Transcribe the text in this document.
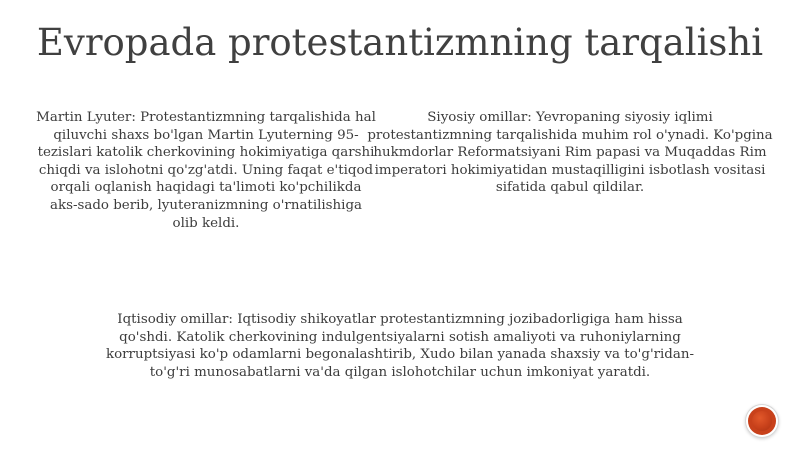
Evropada protestantizmning tarqalishi
Martin Lyuter: Protestantizmning tarqalishida hal qiluvchi shaxs bo'lgan Martin Lyuterning 95-tezislari katolik cherkovining hokimiyatiga qarshi chiqdi va islohotni qo'zg'atdi. Uning faqat e'tiqod orqali oqlanish haqidagi ta'limoti ko'pchilikda aks-sado berib, lyuteranizmning o'rnatilishiga olib keldi.
Siyosiy omillar: Yevropaning siyosiy iqlimi protestantizmning tarqalishida muhim rol o'ynadi. Ko'pgina hukmdorlar Reformatsiyani Rim papasi va Muqaddas Rim imperatori hokimiyatidan mustaqilligini isbotlash vositasi sifatida qabul qildilar.
Iqtisodiy omillar: Iqtisodiy shikoyatlar protestantizmning jozibadorligiga ham hissa qo'shdi. Katolik cherkovining indulgentsiyalarni sotish amaliyoti va ruhoniylarning korruptsiyasi ko'p odamlarni begonalashtirib, Xudo bilan yanada shaxsiy va to'g'ridan-to'g'ri munosabatlarni va'da qilgan islohotchilar uchun imkoniyat yaratdi.
